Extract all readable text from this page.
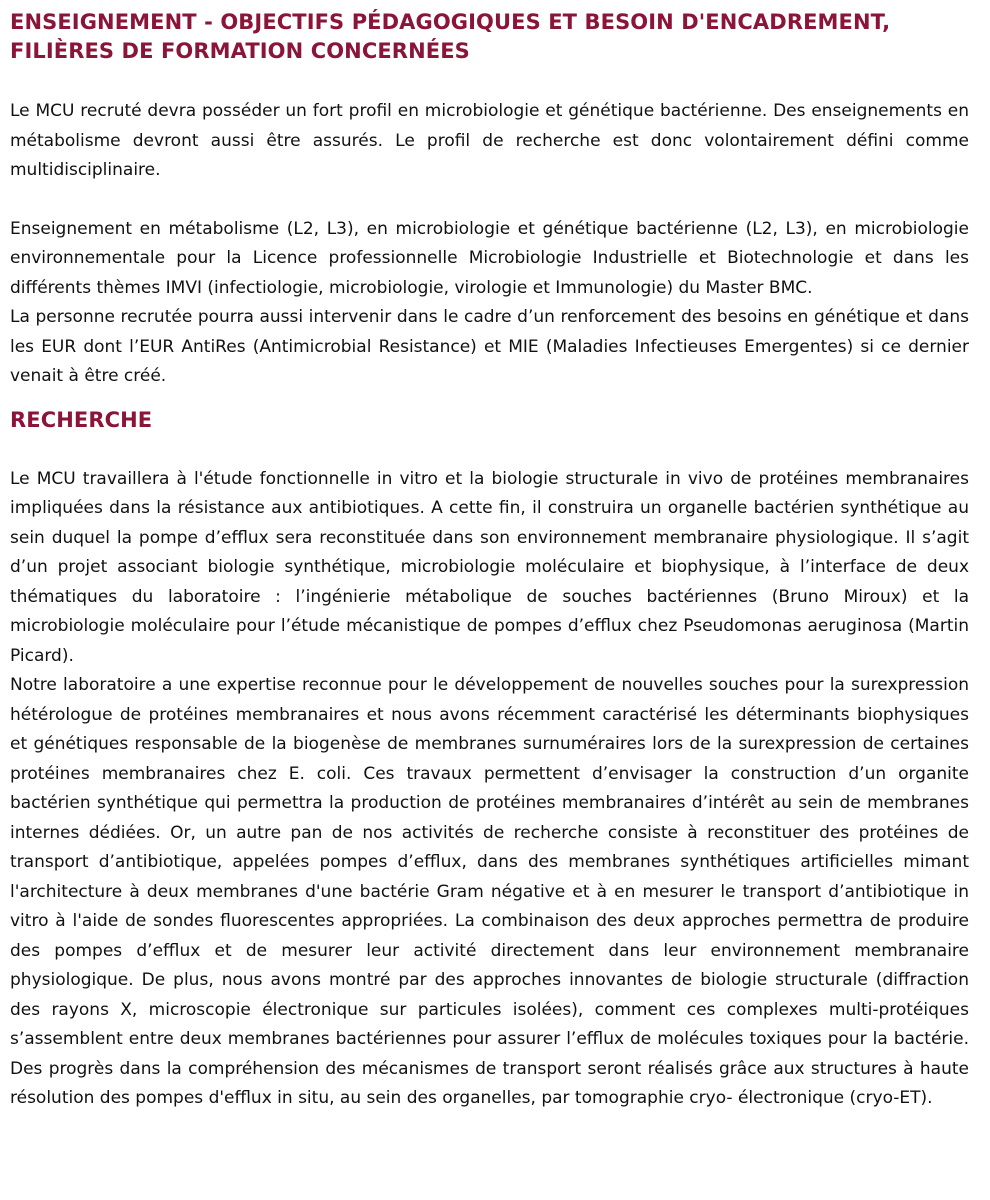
ENSEIGNEMENT - OBJECTIFS PÉDAGOGIQUES ET BESOIN D'ENCADREMENT, FILIÈRES DE FORMATION CONCERNÉES

Le MCU recruté devra posséder un fort profil en microbiologie et génétique bactérienne. Des enseignements en métabolisme devront aussi être assurés. Le profil de recherche est donc volontairement défini comme multidisciplinaire.

Enseignement en métabolisme (L2, L3), en microbiologie et génétique bactérienne (L2, L3), en microbiologie environnementale pour la Licence professionnelle Microbiologie Industrielle et Biotechnologie et dans les différents thèmes IMVI (infectiologie, microbiologie, virologie et Immunologie) du Master BMC.

La personne recrutée pourra aussi intervenir dans le cadre d’un renforcement des besoins en génétique et dans les EUR dont l’EUR AntiRes (Antimicrobial Resistance) et MIE (Maladies Infectieuses Emergentes) si ce dernier venait à être créé.

RECHERCHE

Le MCU travaillera à l'étude fonctionnelle in vitro et la biologie structurale in vivo de protéines membranaires impliquées dans la résistance aux antibiotiques. A cette fin, il construira un organelle bactérien synthétique au sein duquel la pompe d’efflux sera reconstituée dans son environnement membranaire physiologique. Il s’agit d’un projet associant biologie synthétique, microbiologie moléculaire et biophysique, à l’interface de deux thématiques du laboratoire : l’ingénierie métabolique de souches bactériennes (Bruno Miroux) et la microbiologie moléculaire pour l’étude mécanistique de pompes d’efflux chez Pseudomonas aeruginosa (Martin Picard).

Notre laboratoire a une expertise reconnue pour le développement de nouvelles souches pour la surexpression hétérologue de protéines membranaires et nous avons récemment caractérisé les déterminants biophysiques et génétiques responsable de la biogenèse de membranes surnuméraires lors de la surexpression de certaines protéines membranaires chez E. coli. Ces travaux permettent d’envisager la construction d’un organite bactérien synthétique qui permettra la production de protéines membranaires d’intérêt au sein de membranes internes dédiées. Or, un autre pan de nos activités de recherche consiste à reconstituer des protéines de transport d’antibiotique, appelées pompes d’efflux, dans des membranes synthétiques artificielles mimant l'architecture à deux membranes d'une bactérie Gram négative et à en mesurer le transport d’antibiotique in vitro à l'aide de sondes fluorescentes appropriées. La combinaison des deux approches permettra de produire des pompes d’efflux et de mesurer leur activité directement dans leur environnement membranaire physiologique. De plus, nous avons montré par des approches innovantes de biologie structurale (diffraction des rayons X, microscopie électronique sur particules isolées), comment ces complexes multi-protéiques s’assemblent entre deux membranes bactériennes pour assurer l’efflux de molécules toxiques pour la bactérie. Des progrès dans la compréhension des mécanismes de transport seront réalisés grâce aux structures à haute résolution des pompes d'efflux in situ, au sein des organelles, par tomographie cryo- électronique (cryo-ET).
